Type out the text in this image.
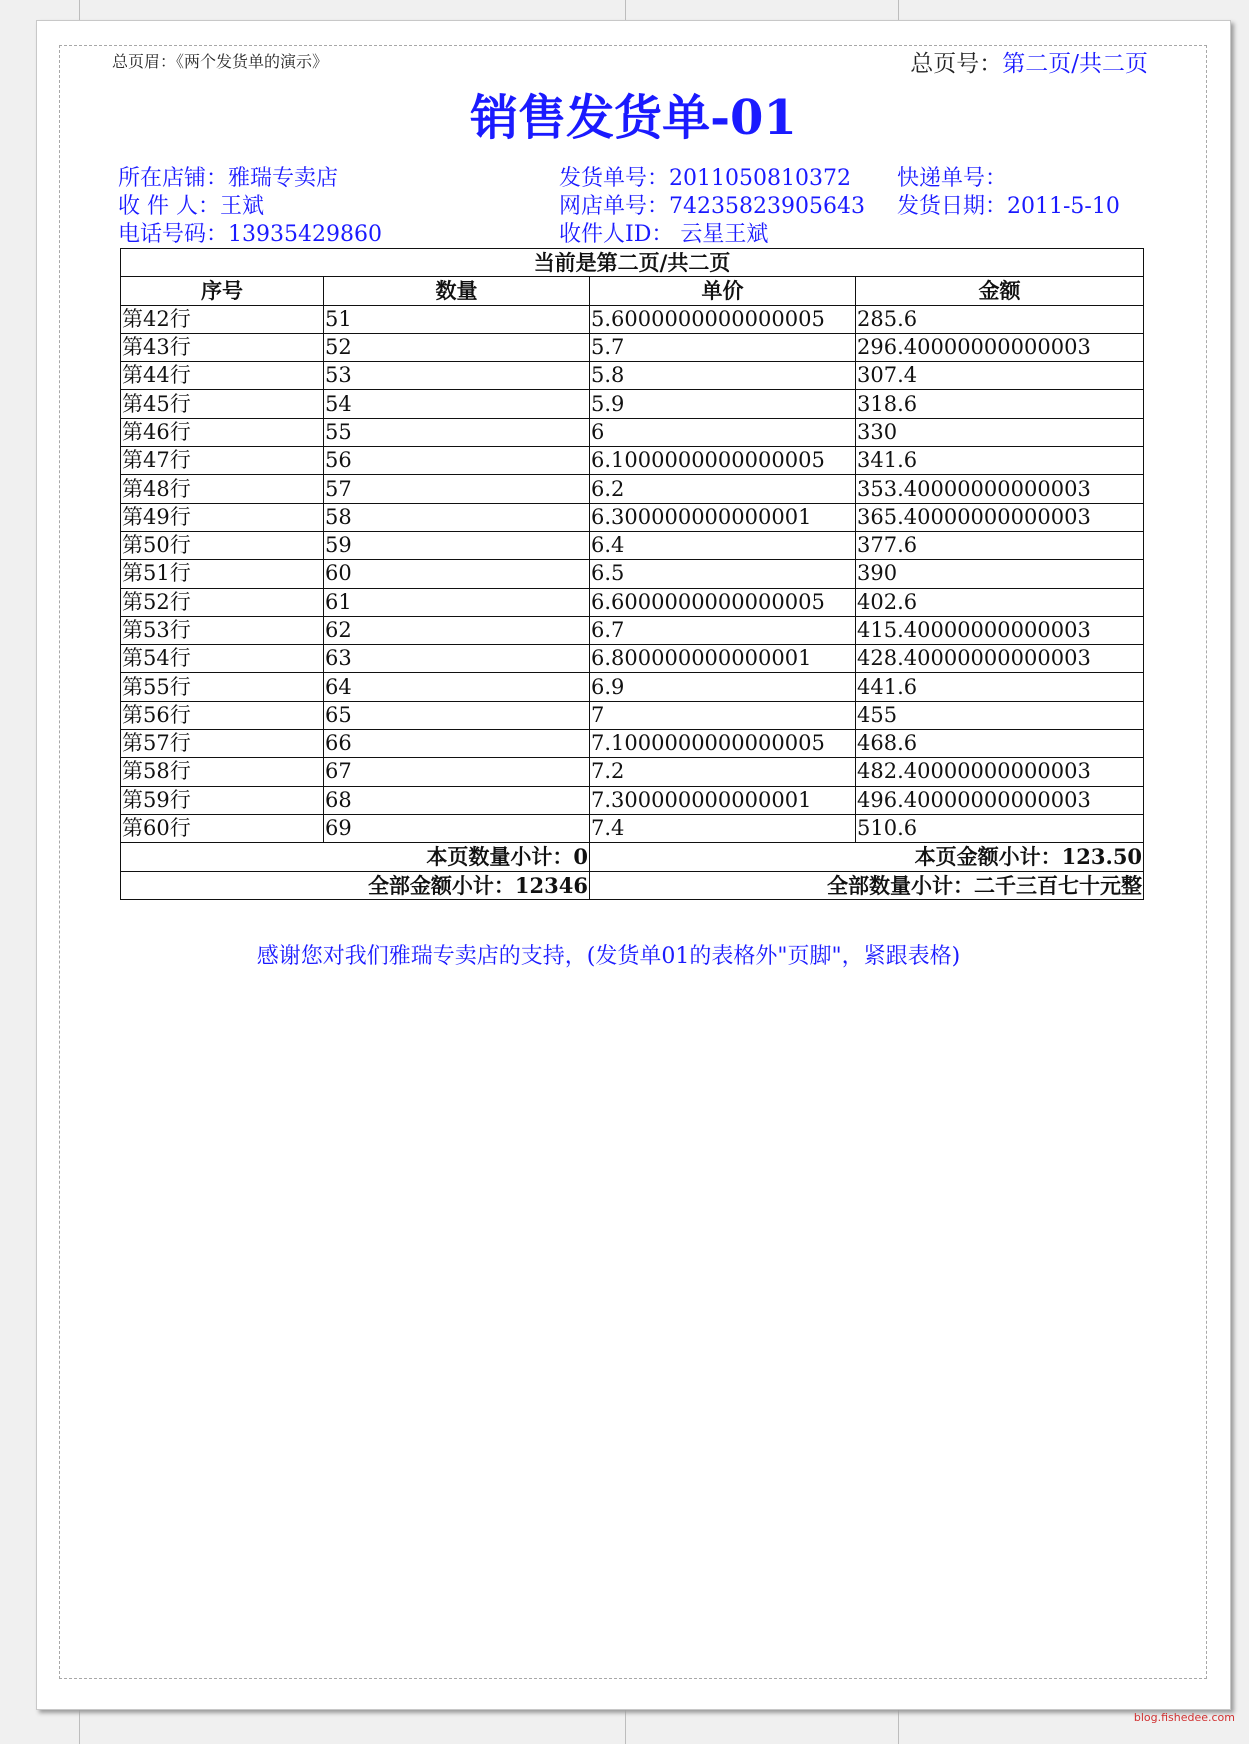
总页眉：《两个发货单的演示》	总页号：第二页/共二页
销售发货单-01
所在店铺：雅瑞专卖店
收 件 人：王斌
电话号码：13935429860
发货单号：2011050810372
网店单号：74235823905643
收件人ID： 云星王斌
快递单号：
发货日期：2011-5-10
当前是第二页/共二页			
序号	数量	单价	金额
第42行	51	5.6000000000000005	285.6
第43行	52	5.7	296.40000000000003
第44行	53	5.8	307.4
第45行	54	5.9	318.6
第46行	55	6	330
第47行	56	6.1000000000000005	341.6
第48行	57	6.2	353.40000000000003
第49行	58	6.300000000000001	365.40000000000003
第50行	59	6.4	377.6
第51行	60	6.5	390
第52行	61	6.6000000000000005	402.6
第53行	62	6.7	415.40000000000003
第54行	63	6.800000000000001	428.40000000000003
第55行	64	6.9	441.6
第56行	65	7	455
第57行	66	7.1000000000000005	468.6
第58行	67	7.2	482.40000000000003
第59行	68	7.300000000000001	496.40000000000003
第60行	69	7.4	510.6
本页数量小计：0		本页金额小计：123.50	
全部金额小计：12346		全部数量小计：二千三百七十元整	
感谢您对我们雅瑞专卖店的支持，(发货单01的表格外"页脚"，紧跟表格)
blog.fishedee.com
